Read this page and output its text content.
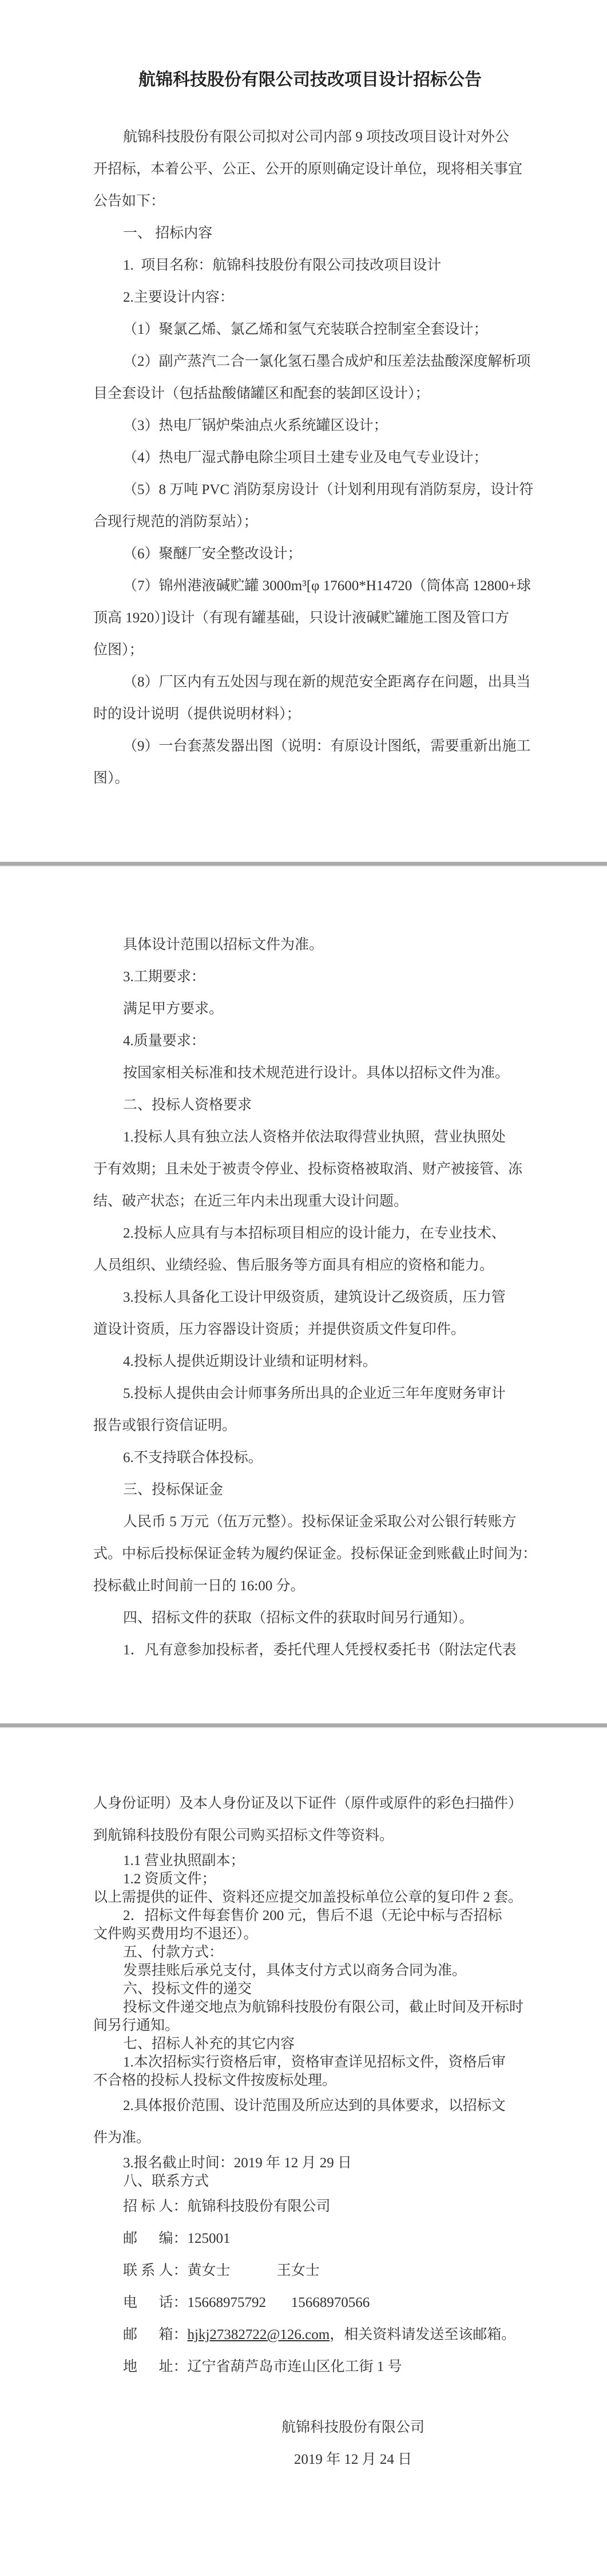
航锦科技股份有限公司技改项目设计招标公告
航锦科技股份有限公司拟对公司内部 9 项技改项目设计对外公
开招标，本着公平、公正、公开的原则确定设计单位，现将相关事宜
公告如下：
一、 招标内容
1.  项目名称：航锦科技股份有限公司技改项目设计
2.主要设计内容：
（1）聚氯乙烯、氯乙烯和氢气充装联合控制室全套设计；
（2）副产蒸汽二合一氯化氢石墨合成炉和压差法盐酸深度解析项
目全套设计（包括盐酸储罐区和配套的装卸区设计）；
（3）热电厂锅炉柴油点火系统罐区设计；
（4）热电厂湿式静电除尘项目土建专业及电气专业设计；
（5）8 万吨 PVC 消防泵房设计（计划利用现有消防泵房，设计符
合现行规范的消防泵站）；
（6）聚醚厂安全整改设计；
（7）锦州港液碱贮罐 3000m³[φ 17600*H14720（筒体高 12800+球
顶高 1920）]设计（有现有罐基础，只设计液碱贮罐施工图及管口方
位图）；
（8）厂区内有五处因与现在新的规范安全距离存在问题，出具当
时的设计说明（提供说明材料）；
（9）一台套蒸发器出图（说明：有原设计图纸，需要重新出施工
图）。
具体设计范围以招标文件为准。
3.工期要求：
满足甲方要求。
4.质量要求：
按国家相关标准和技术规范进行设计。具体以招标文件为准。
二、投标人资格要求
1.投标人具有独立法人资格并依法取得营业执照，营业执照处
于有效期；且未处于被责令停业、投标资格被取消、财产被接管、冻
结、破产状态；在近三年内未出现重大设计问题。
2.投标人应具有与本招标项目相应的设计能力，在专业技术、
人员组织、业绩经验、售后服务等方面具有相应的资格和能力。
3.投标人具备化工设计甲级资质，建筑设计乙级资质，压力管
道设计资质，压力容器设计资质；并提供资质文件复印件。
4.投标人提供近期设计业绩和证明材料。
5.投标人提供由会计师事务所出具的企业近三年年度财务审计
报告或银行资信证明。
6.不支持联合体投标。
三、投标保证金
人民币 5 万元（伍万元整）。投标保证金采取公对公银行转账方
式。中标后投标保证金转为履约保证金。投标保证金到账截止时间为：
投标截止时间前一日的 16:00 分。
四、招标文件的获取（招标文件的获取时间另行通知）。
1．凡有意参加投标者，委托代理人凭授权委托书（附法定代表
人身份证明）及本人身份证及以下证件（原件或原件的彩色扫描件）
到航锦科技股份有限公司购买招标文件等资料。
1.1 营业执照副本；
1.2 资质文件；
以上需提供的证件、资料还应提交加盖投标单位公章的复印件 2 套。
2．招标文件每套售价 200 元，售后不退（无论中标与否招标
文件购买费用均不退还）。
五、付款方式：
发票挂账后承兑支付，具体支付方式以商务合同为准。
六、投标文件的递交
投标文件递交地点为航锦科技股份有限公司，截止时间及开标时
间另行通知。
七、招标人补充的其它内容
1.本次招标实行资格后审，资格审查详见招标文件，资格后审
不合格的投标人投标文件按废标处理。
2.具体报价范围、设计范围及所应达到的具体要求，以招标文
件为准。
3.报名截止时间：2019 年 12 月 29 日
八、联系方式
招 标 人：航锦科技股份有限公司
邮      编：125001
联 系 人：黄女士             王女士
电      话：15668975792       15668970566
邮      箱：hjkj27382722@126.com，相关资料请发送至该邮箱。
地      址：辽宁省葫芦岛市连山区化工街 1 号
航锦科技股份有限公司
2019 年 12 月 24 日
